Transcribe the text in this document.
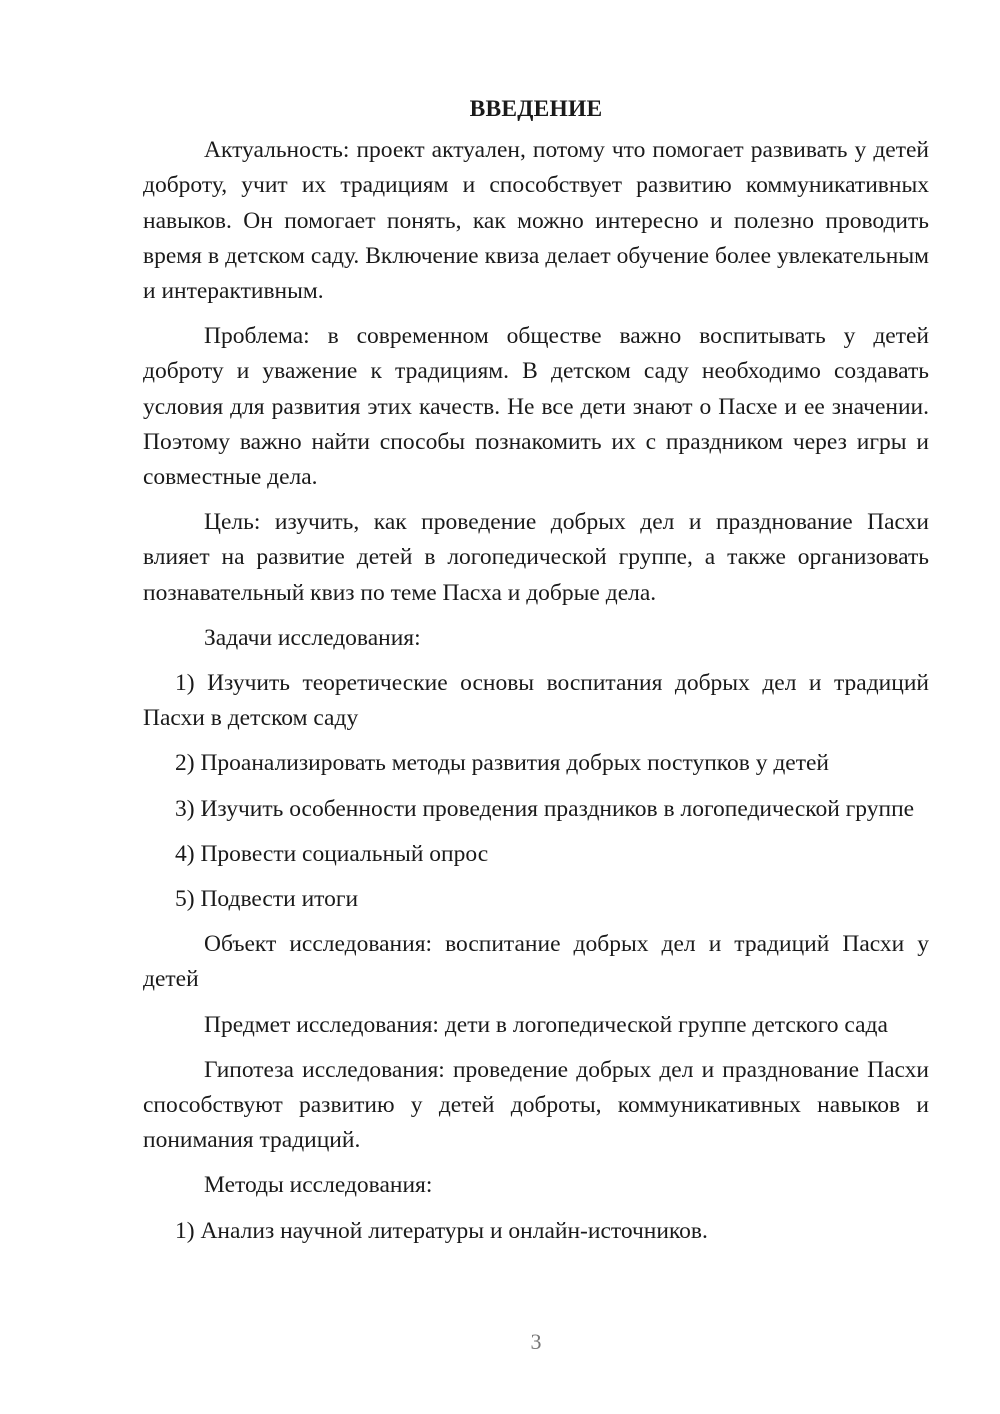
ВВЕДЕНИЕ

Актуальность: проект актуален, потому что помогает развивать у детей доброту, учит их традициям и способствует развитию коммуникативных навыков. Он помогает понять, как можно интересно и полезно проводить время в детском саду. Включение квиза делает обучение более увлекательным и интерактивным.

Проблема: в современном обществе важно воспитывать у детей доброту и уважение к традициям. В детском саду необходимо создавать условия для развития этих качеств. Не все дети знают о Пасхе и ее значении. Поэтому важно найти способы познакомить их с праздником через игры и совместные дела.

Цель: изучить, как проведение добрых дел и празднование Пасхи влияет на развитие детей в логопедической группе, а также организовать познавательный квиз по теме Пасха и добрые дела.

Задачи исследования:

1) Изучить теоретические основы воспитания добрых дел и традиций Пасхи в детском саду

2) Проанализировать методы развития добрых поступков у детей

3) Изучить особенности проведения праздников в логопедической группе

4) Провести социальный опрос

5) Подвести итоги

Объект исследования: воспитание добрых дел и традиций Пасхи у детей

Предмет исследования: дети в логопедической группе детского сада

Гипотеза исследования: проведение добрых дел и празднование Пасхи способствуют развитию у детей доброты, коммуникативных навыков и понимания традиций.

Методы исследования:

1) Анализ научной литературы и онлайн-источников.

3
